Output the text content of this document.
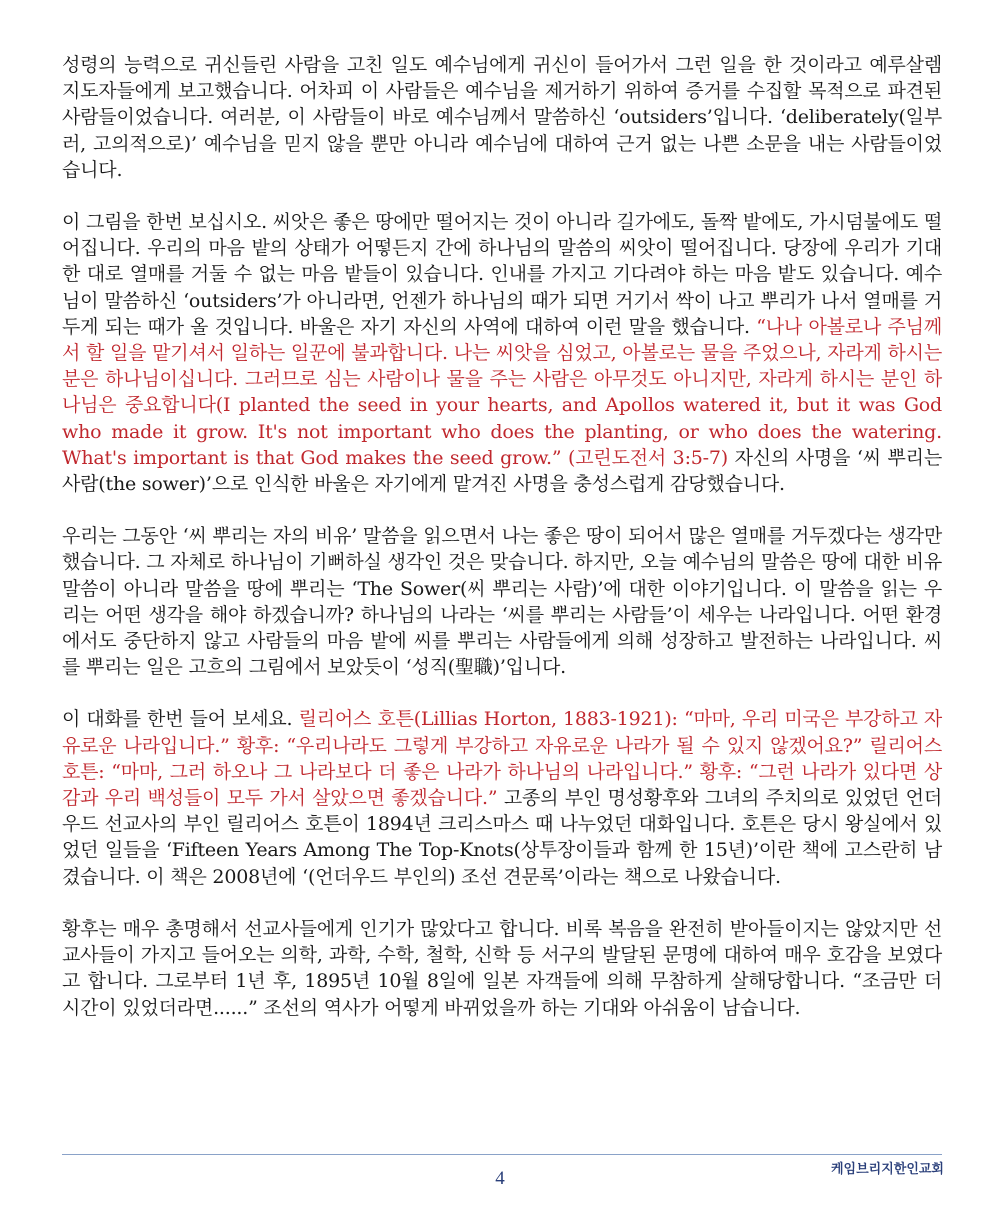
성령의 능력으로 귀신들린 사람을 고친 일도 예수님에게 귀신이 들어가서 그런 일을 한 것이라고 예루살렘 지도자들에게 보고했습니다. 어차피 이 사람들은 예수님을 제거하기 위하여 증거를 수집할 목적으로 파견된 사람들이었습니다. 여러분, 이 사람들이 바로 예수님께서 말씀하신 ‘outsiders’입니다. ‘deliberately(일부러, 고의적으로)’ 예수님을 믿지 않을 뿐만 아니라 예수님에 대하여 근거 없는 나쁜 소문을 내는 사람들이었습니다.

이 그림을 한번 보십시오. 씨앗은 좋은 땅에만 떨어지는 것이 아니라 길가에도, 돌짝 밭에도, 가시덤불에도 떨어집니다. 우리의 마음 밭의 상태가 어떻든지 간에 하나님의 말씀의 씨앗이 떨어집니다. 당장에 우리가 기대한 대로 열매를 거둘 수 없는 마음 밭들이 있습니다. 인내를 가지고 기다려야 하는 마음 밭도 있습니다. 예수님이 말씀하신 ‘outsiders’가 아니라면, 언젠가 하나님의 때가 되면 거기서 싹이 나고 뿌리가 나서 열매를 거두게 되는 때가 올 것입니다. 바울은 자기 자신의 사역에 대하여 이런 말을 했습니다. “나나 아볼로나 주님께서 할 일을 맡기셔서 일하는 일꾼에 불과합니다. 나는 씨앗을 심었고, 아볼로는 물을 주었으나, 자라게 하시는 분은 하나님이십니다. 그러므로 심는 사람이나 물을 주는 사람은 아무것도 아니지만, 자라게 하시는 분인 하나님은 중요합니다(I planted the seed in your hearts, and Apollos watered it, but it was God who made it grow. It's not important who does the planting, or who does the watering. What's important is that God makes the seed grow.” (고린도전서 3:5-7) 자신의 사명을 ‘씨 뿌리는 사람(the sower)’으로 인식한 바울은 자기에게 맡겨진 사명을 충성스럽게 감당했습니다.

우리는 그동안 ‘씨 뿌리는 자의 비유’ 말씀을 읽으면서 나는 좋은 땅이 되어서 많은 열매를 거두겠다는 생각만 했습니다. 그 자체로 하나님이 기뻐하실 생각인 것은 맞습니다. 하지만, 오늘 예수님의 말씀은 땅에 대한 비유 말씀이 아니라 말씀을 땅에 뿌리는 ‘The Sower(씨 뿌리는 사람)’에 대한 이야기입니다. 이 말씀을 읽는 우리는 어떤 생각을 해야 하겠습니까? 하나님의 나라는 ‘씨를 뿌리는 사람들’이 세우는 나라입니다. 어떤 환경에서도 중단하지 않고 사람들의 마음 밭에 씨를 뿌리는 사람들에게 의해 성장하고 발전하는 나라입니다. 씨를 뿌리는 일은 고흐의 그림에서 보았듯이 ‘성직(聖職)’입니다.

이 대화를 한번 들어 보세요. 릴리어스 호튼(Lillias Horton, 1883-1921): “마마, 우리 미국은 부강하고 자유로운 나라입니다.” 황후: “우리나라도 그렇게 부강하고 자유로운 나라가 될 수 있지 않겠어요?” 릴리어스 호튼: “마마, 그러 하오나 그 나라보다 더 좋은 나라가 하나님의 나라입니다.” 황후: “그런 나라가 있다면 상감과 우리 백성들이 모두 가서 살았으면 좋겠습니다.” 고종의 부인 명성황후와 그녀의 주치의로 있었던 언더우드 선교사의 부인 릴리어스 호튼이 1894년 크리스마스 때 나누었던 대화입니다. 호튼은 당시 왕실에서 있었던 일들을 ‘Fifteen Years Among The Top-Knots(상투장이들과 함께 한 15년)’이란 책에 고스란히 남겼습니다. 이 책은 2008년에 ‘(언더우드 부인의) 조선 견문록’이라는 책으로 나왔습니다.

황후는 매우 총명해서 선교사들에게 인기가 많았다고 합니다. 비록 복음을 완전히 받아들이지는 않았지만 선교사들이 가지고 들어오는 의학, 과학, 수학, 철학, 신학 등 서구의 발달된 문명에 대하여 매우 호감을 보였다고 합니다. 그로부터 1년 후, 1895년 10월 8일에 일본 자객들에 의해 무참하게 살해당합니다. “조금만 더 시간이 있었더라면......” 조선의 역사가 어떻게 바뀌었을까 하는 기대와 아쉬움이 남습니다.

4	케임브리지한인교회
